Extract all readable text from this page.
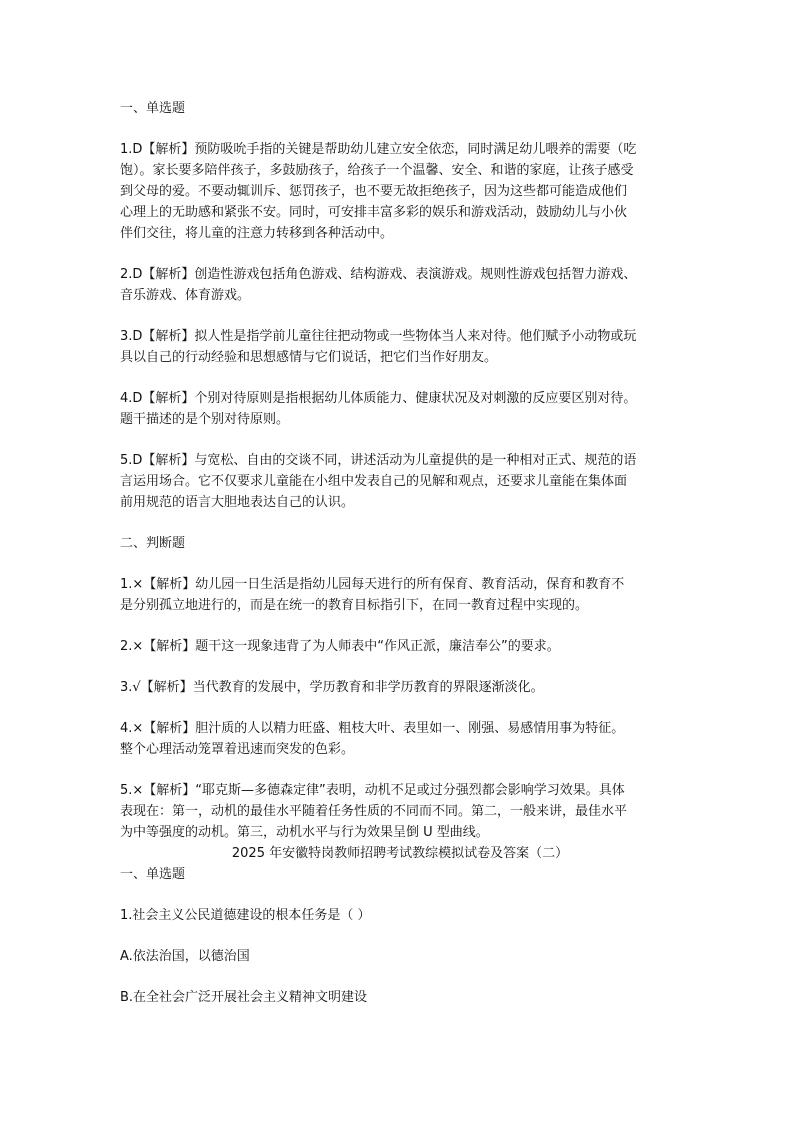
一、单选题

1.D【解析】预防吸吮手指的关键是帮助幼儿建立安全依恋，同时满足幼儿喂养的需要（吃

饱）。家长要多陪伴孩子，多鼓励孩子，给孩子一个温馨、安全、和谐的家庭，让孩子感受

到父母的爱。不要动辄训斥、惩罚孩子，也不要无故拒绝孩子，因为这些都可能造成他们

心理上的无助感和紧张不安。同时，可安排丰富多彩的娱乐和游戏活动，鼓励幼儿与小伙

伴们交往，将儿童的注意力转移到各种活动中。

2.D【解析】创造性游戏包括角色游戏、结构游戏、表演游戏。规则性游戏包括智力游戏、

音乐游戏、体育游戏。

3.D【解析】拟人性是指学前儿童往往把动物或一些物体当人来对待。他们赋予小动物或玩

具以自己的行动经验和思想感情与它们说话，把它们当作好朋友。

4.D【解析】个别对待原则是指根据幼儿体质能力、健康状况及对刺激的反应要区别对待。

题干描述的是个别对待原则。

5.D【解析】与宽松、自由的交谈不同，讲述活动为儿童提供的是一种相对正式、规范的语

言运用场合。它不仅要求儿童能在小组中发表自己的见解和观点，还要求儿童能在集体面

前用规范的语言大胆地表达自己的认识。

二、判断题

1.×【解析】幼儿园一日生活是指幼儿园每天进行的所有保育、教育活动，保育和教育不

是分别孤立地进行的，而是在统一的教育目标指引下，在同一教育过程中实现的。

2.×【解析】题干这一现象违背了为人师表中“作风正派，廉洁奉公”的要求。

3.√【解析】当代教育的发展中，学历教育和非学历教育的界限逐渐淡化。

4.×【解析】胆汁质的人以精力旺盛、粗枝大叶、表里如一、刚强、易感情用事为特征。

整个心理活动笼罩着迅速而突发的色彩。

5.×【解析】“耶克斯—多德森定律”表明，动机不足或过分强烈都会影响学习效果。具体

表现在：第一，动机的最佳水平随着任务性质的不同而不同。第二，一般来讲，最佳水平

为中等强度的动机。第三，动机水平与行为效果呈倒 U 型曲线。

2025 年安徽特岗教师招聘考试教综模拟试卷及答案（二）

一、单选题

1.社会主义公民道德建设的根本任务是（ ）

A.依法治国，以德治国

B.在全社会广泛开展社会主义精神文明建设
